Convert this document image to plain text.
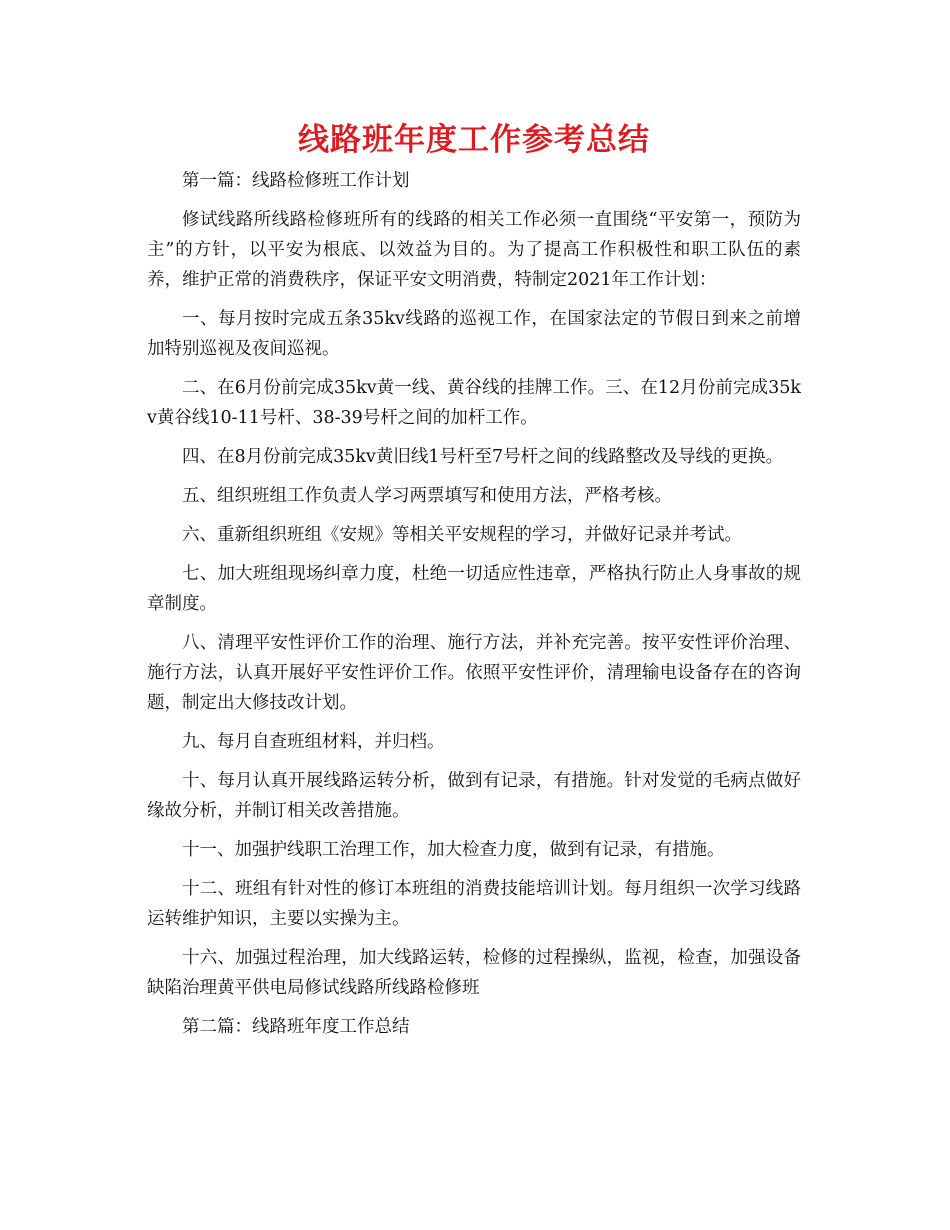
线路班年度工作参考总结

第一篇：线路检修班工作计划

修试线路所线路检修班所有的线路的相关工作必须一直围绕“平安第一，预防为主”的方针，以平安为根底、以效益为目的。为了提高工作积极性和职工队伍的素养，维护正常的消费秩序，保证平安文明消费，特制定2021年工作计划：

一、每月按时完成五条35kv线路的巡视工作，在国家法定的节假日到来之前增加特别巡视及夜间巡视。

二、在6月份前完成35kv黄一线、黄谷线的挂牌工作。三、在12月份前完成35kv黄谷线10-11号杆、38-39号杆之间的加杆工作。

四、在8月份前完成35kv黄旧线1号杆至7号杆之间的线路整改及导线的更换。

五、组织班组工作负责人学习两票填写和使用方法，严格考核。

六、重新组织班组《安规》等相关平安规程的学习，并做好记录并考试。

七、加大班组现场纠章力度，杜绝一切适应性违章，严格执行防止人身事故的规章制度。

八、清理平安性评价工作的治理、施行方法，并补充完善。按平安性评价治理、施行方法，认真开展好平安性评价工作。依照平安性评价，清理输电设备存在的咨询题，制定出大修技改计划。

九、每月自查班组材料，并归档。

十、每月认真开展线路运转分析，做到有记录，有措施。针对发觉的毛病点做好缘故分析，并制订相关改善措施。

十一、加强护线职工治理工作，加大检查力度，做到有记录，有措施。

十二、班组有针对性的修订本班组的消费技能培训计划。每月组织一次学习线路运转维护知识，主要以实操为主。

十六、加强过程治理，加大线路运转，检修的过程操纵，监视，检查，加强设备缺陷治理黄平供电局修试线路所线路检修班

第二篇：线路班年度工作总结
